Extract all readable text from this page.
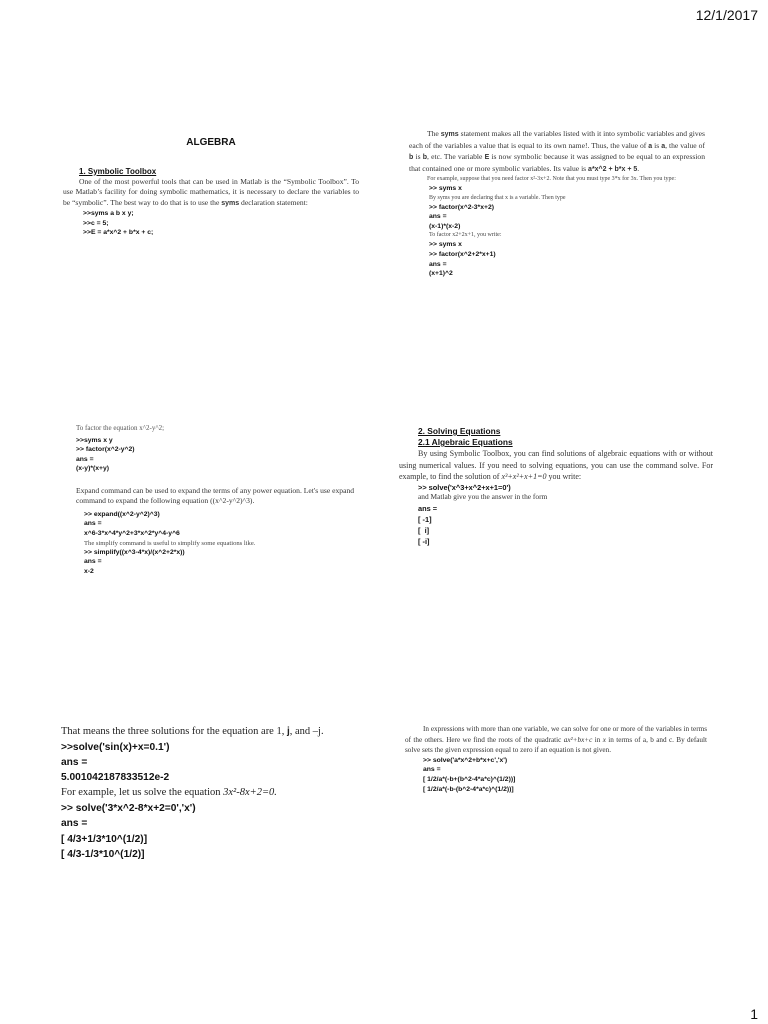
12/1/2017
ALGEBRA
1. Symbolic Toolbox

One of the most powerful tools that can be used in Matlab is the “Symbolic Toolbox”. To use Matlab’s facility for doing symbolic mathematics, it is necessary to declare the variables to be “symbolic”. The best way to do that is to use the syms declaration statement:

>>syms a b x y;
>>c = 5;
>>E = a*x^2 + b*x + c;

The syms statement makes all the variables listed with it into symbolic variables and gives each of the variables a value that is equal to its own name!. Thus, the value of a is a, the value of b is b, etc. The variable E is now symbolic because it was assigned to be equal to an expression that contained one or more symbolic variables. Its value is a*x^2 + b*x + 5.

For example, suppose that you need factor x²-3x+2. Note that you must type 3*x for 3x. Then you type:
>> syms x
By syms you are declaring that x is a variable. Then type
>> factor(x^2-3*x+2)
ans =
(x-1)*(x-2)
To factor x2+2x+1, you write:
>> syms x
>> factor(x^2+2*x+1)
ans =
(x+1)^2
To factor the equation x^2-y^2;
>>syms x y
>> factor(x^2-y^2)
ans =
(x-y)*(x+y)

Expand command can be used to expand the terms of any power equation. Let's use expand command to expand the following equation ((x^2-y^2)^3).

>> expand((x^2-y^2)^3)
ans =
x^6-3*x^4*y^2+3*x^2*y^4-y^6
The simplify command is useful to simplify some equations like.
>> simplify((x^3-4*x)/(x^2+2*x))
ans =
x-2
2. Solving Equations
2.1 Algebraic Equations

By using Symbolic Toolbox, you can find solutions of algebraic equations with or without using numerical values. If you need to solving equations, you can use the command solve. For example, to find the solution of x³+x²+x+1=0 you write:

>> solve('x^3+x^2+x+1=0')
and Matlab give you the answer in the form
ans =
[ -1]
[  i]
[ -i]
That means the three solutions for the equation are 1, j, and –j.
>>solve('sin(x)+x=0.1')
ans =
5.001042187833512e-2
For example, let us solve the equation 3x²-8x+2=0.
>> solve('3*x^2-8*x+2=0','x')
ans =
[ 4/3+1/3*10^(1/2)]
[ 4/3-1/3*10^(1/2)]

In expressions with more than one variable, we can solve for one or more of the variables in terms of the others. Here we find the roots of the quadratic ax²+bx+c in x in terms of a, b and c. By default solve sets the given expression equal to zero if an equation is not given.

>> solve('a*x^2+b*x+c','x')
ans =
[ 1/2/a*(-b+(b^2-4*a*c)^(1/2))]
[ 1/2/a*(-b-(b^2-4*a*c)^(1/2))]
1
